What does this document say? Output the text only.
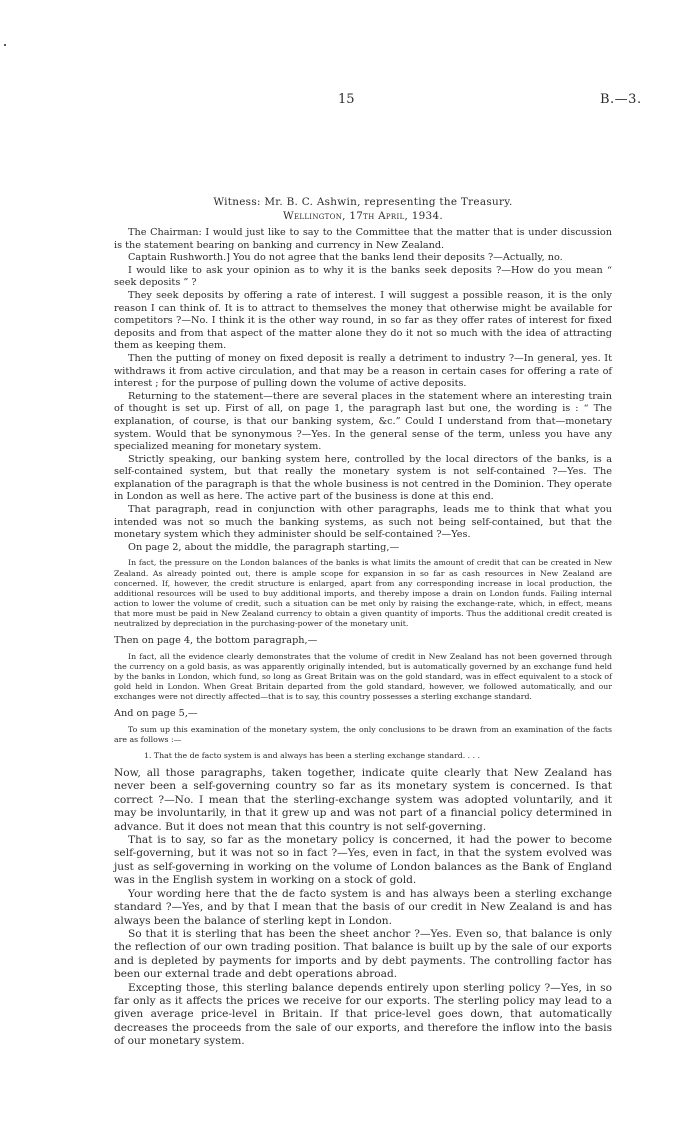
15	B.—3.
Witness: Mr. B. C. Ashwin, representing the Treasury.
Wellington, 17th April, 1934.

The Chairman: I would just like to say to the Committee that the matter that is under discussion is the statement bearing on banking and currency in New Zealand.

Captain Rushworth.] You do not agree that the banks lend their deposits ?—Actually, no.

I would like to ask your opinion as to why it is the banks seek deposits ?—How do you mean “ seek deposits ” ?

They seek deposits by offering a rate of interest. I will suggest a possible reason, it is the only reason I can think of. It is to attract to themselves the money that otherwise might be available for competitors ?—No. I think it is the other way round, in so far as they offer rates of interest for fixed deposits and from that aspect of the matter alone they do it not so much with the idea of attracting them as keeping them.

Then the putting of money on fixed deposit is really a detriment to industry ?—In general, yes. It withdraws it from active circulation, and that may be a reason in certain cases for offering a rate of interest ; for the purpose of pulling down the volume of active deposits.

Returning to the statement—there are several places in the statement where an interesting train of thought is set up. First of all, on page 1, the paragraph last but one, the wording is : “ The explanation, of course, is that our banking system, &c.” Could I understand from that—monetary system. Would that be synonymous ?—Yes. In the general sense of the term, unless you have any specialized meaning for monetary system.

Strictly speaking, our banking system here, controlled by the local directors of the banks, is a self-contained system, but that really the monetary system is not self-contained ?—Yes. The explanation of the paragraph is that the whole business is not centred in the Dominion. They operate in London as well as here. The active part of the business is done at this end.

That paragraph, read in conjunction with other paragraphs, leads me to think that what you intended was not so much the banking systems, as such not being self-contained, but that the monetary system which they administer should be self-contained ?—Yes.

On page 2, about the middle, the paragraph starting,—

In fact, the pressure on the London balances of the banks is what limits the amount of credit that can be created in New Zealand. As already pointed out, there is ample scope for expansion in so far as cash resources in New Zealand are concerned. If, however, the credit structure is enlarged, apart from any corresponding increase in local production, the additional resources will be used to buy additional imports, and thereby impose a drain on London funds. Failing internal action to lower the volume of credit, such a situation can be met only by raising the exchange-rate, which, in effect, means that more must be paid in New Zealand currency to obtain a given quantity of imports. Thus the additional credit created is neutralized by depreciation in the purchasing-power of the monetary unit.

Then on page 4, the bottom paragraph,—

In fact, all the evidence clearly demonstrates that the volume of credit in New Zealand has not been governed through the currency on a gold basis, as was apparently originally intended, but is automatically governed by an exchange fund held by the banks in London, which fund, so long as Great Britain was on the gold standard, was in effect equivalent to a stock of gold held in London. When Great Britain departed from the gold standard, however, we followed automatically, and our exchanges were not directly affected—that is to say, this country possesses a sterling exchange standard.

And on page 5,—

To sum up this examination of the monetary system, the only conclusions to be drawn from an examination of the facts are as follows :—
1. That the de facto system is and always has been a sterling exchange standard. . . .

Now, all those paragraphs, taken together, indicate quite clearly that New Zealand has never been a self-governing country so far as its monetary system is concerned. Is that correct ?—No. I mean that the sterling-exchange system was adopted voluntarily, and it may be involuntarily, in that it grew up and was not part of a financial policy determined in advance. But it does not mean that this country is not self-governing.

That is to say, so far as the monetary policy is concerned, it had the power to become self-governing, but it was not so in fact ?—Yes, even in fact, in that the system evolved was just as self-governing in working on the volume of London balances as the Bank of England was in the English system in working on a stock of gold.

Your wording here that the de facto system is and has always been a sterling exchange standard ?—Yes, and by that I mean that the basis of our credit in New Zealand is and has always been the balance of sterling kept in London.

So that it is sterling that has been the sheet anchor ?—Yes. Even so, that balance is only the reflection of our own trading position. That balance is built up by the sale of our exports and is depleted by payments for imports and by debt payments. The controlling factor has been our external trade and debt operations abroad.

Excepting those, this sterling balance depends entirely upon sterling policy ?—Yes, in so far only as it affects the prices we receive for our exports. The sterling policy may lead to a given average price-level in Britain. If that price-level goes down, that automatically decreases the proceeds from the sale of our exports, and therefore the inflow into the basis of our monetary system.
